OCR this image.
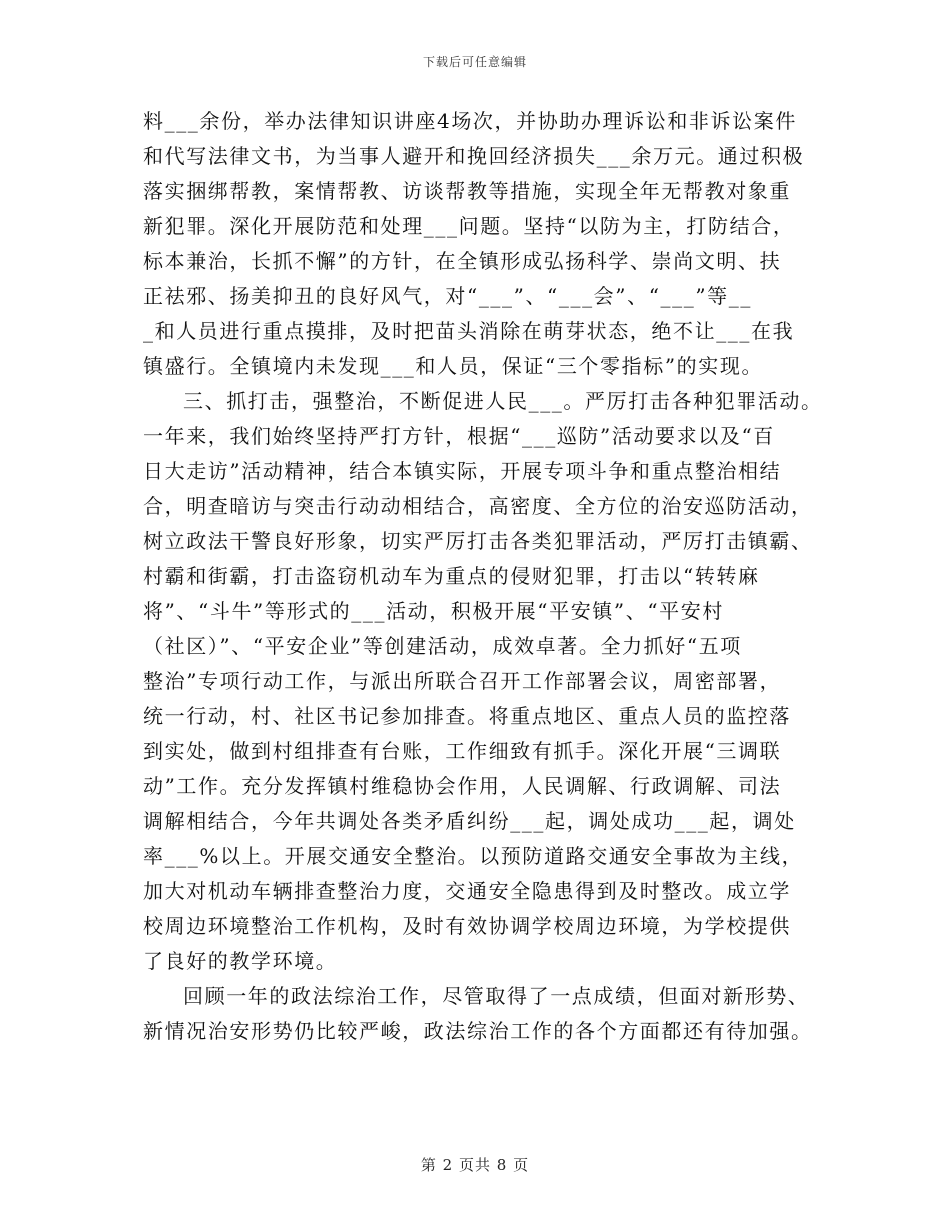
下载后可任意编辑
料___余份，举办法律知识讲座4场次，并协助办理诉讼和非诉讼案件
和代写法律文书，为当事人避开和挽回经济损失___余万元。通过积极
落实捆绑帮教，案情帮教、访谈帮教等措施，实现全年无帮教对象重
新犯罪。深化开展防范和处理___问题。坚持“以防为主，打防结合，
标本兼治，长抓不懈”的方针，在全镇形成弘扬科学、崇尚文明、扶
正祛邪、扬美抑丑的良好风气，对“___”、“___会”、“___”等__
_和人员进行重点摸排，及时把苗头消除在萌芽状态，绝不让___在我
镇盛行。全镇境内未发现___和人员，保证“三个零指标”的实现。
三、抓打击，强整治，不断促进人民___。严厉打击各种犯罪活动。
一年来，我们始终坚持严打方针，根据“___巡防”活动要求以及“百
日大走访”活动精神，结合本镇实际，开展专项斗争和重点整治相结
合，明查暗访与突击行动动相结合，高密度、全方位的治安巡防活动，
树立政法干警良好形象，切实严厉打击各类犯罪活动，严厉打击镇霸、
村霸和街霸，打击盗窃机动车为重点的侵财犯罪，打击以“转转麻
将”、“斗牛”等形式的___活动，积极开展“平安镇”、“平安村
（社区）”、“平安企业”等创建活动，成效卓著。全力抓好“五项
整治”专项行动工作，与派出所联合召开工作部署会议，周密部署，
统一行动，村、社区书记参加排查。将重点地区、重点人员的监控落
到实处，做到村组排查有台账，工作细致有抓手。深化开展“三调联
动”工作。充分发挥镇村维稳协会作用，人民调解、行政调解、司法
调解相结合，今年共调处各类矛盾纠纷___起，调处成功___起，调处
率___%以上。开展交通安全整治。以预防道路交通安全事故为主线，
加大对机动车辆排查整治力度，交通安全隐患得到及时整改。成立学
校周边环境整治工作机构，及时有效协调学校周边环境，为学校提供
了良好的教学环境。
回顾一年的政法综治工作，尽管取得了一点成绩，但面对新形势、
新情况治安形势仍比较严峻，政法综治工作的各个方面都还有待加强。
第 2 页共 8 页
